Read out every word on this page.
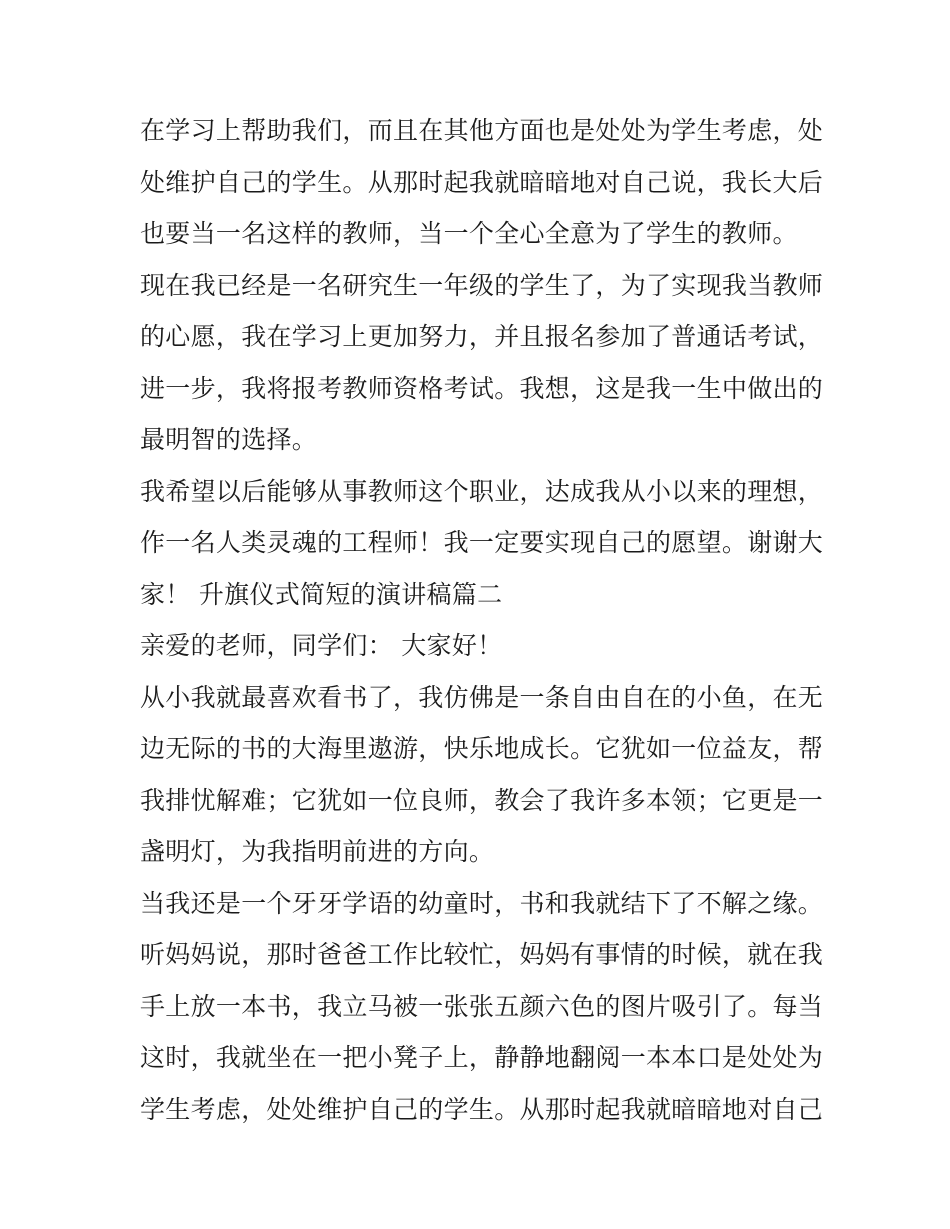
在学习上帮助我们，而且在其他方面也是处处为学生考虑，处
处维护自己的学生。从那时起我就暗暗地对自己说，我长大后
也要当一名这样的教师，当一个全心全意为了学生的教师。
现在我已经是一名研究生一年级的学生了，为了实现我当教师
的心愿，我在学习上更加努力，并且报名参加了普通话考试，
进一步，我将报考教师资格考试。我想，这是我一生中做出的
最明智的选择。
我希望以后能够从事教师这个职业，达成我从小以来的理想，
作一名人类灵魂的工程师！我一定要实现自己的愿望。谢谢大
家！ 升旗仪式简短的演讲稿篇二
亲爱的老师，同学们： 大家好！
从小我就最喜欢看书了，我仿佛是一条自由自在的小鱼，在无
边无际的书的大海里遨游，快乐地成长。它犹如一位益友，帮
我排忧解难；它犹如一位良师，教会了我许多本领；它更是一
盏明灯，为我指明前进的方向。
当我还是一个牙牙学语的幼童时，书和我就结下了不解之缘。
听妈妈说，那时爸爸工作比较忙，妈妈有事情的时候，就在我
手上放一本书，我立马被一张张五颜六色的图片吸引了。每当
这时，我就坐在一把小凳子上，静静地翻阅一本本口是处处为
学生考虑，处处维护自己的学生。从那时起我就暗暗地对自己
